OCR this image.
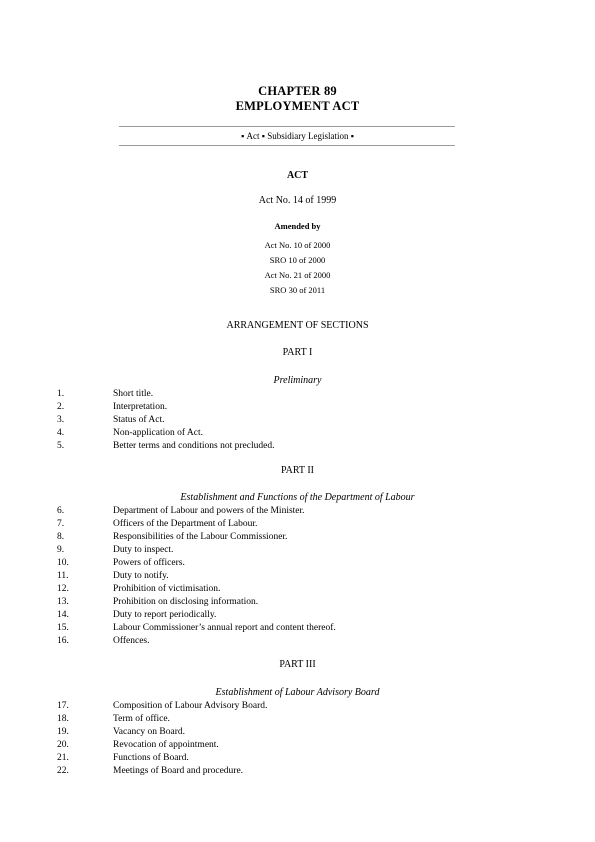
CHAPTER 89
EMPLOYMENT ACT
▪ Act ▪ Subsidiary Legislation ▪
ACT
Act No. 14 of 1999
Amended by
Act No. 10 of 2000
SRO 10 of 2000
Act No. 21 of 2000
SRO 30 of 2011
ARRANGEMENT OF SECTIONS
PART I
Preliminary
1.	Short title.
2.	Interpretation.
3.	Status of Act.
4.	Non-application of Act.
5.	Better terms and conditions not precluded.
PART II
Establishment and Functions of the Department of Labour
6.	Department of Labour and powers of the Minister.
7.	Officers of the Department of Labour.
8.	Responsibilities of the Labour Commissioner.
9.	Duty to inspect.
10.	Powers of officers.
11.	Duty to notify.
12.	Prohibition of victimisation.
13.	Prohibition on disclosing information.
14.	Duty to report periodically.
15.	Labour Commissioner’s annual report and content thereof.
16.	Offences.
PART III
Establishment of Labour Advisory Board
17.	Composition of Labour Advisory Board.
18.	Term of office.
19.	Vacancy on Board.
20.	Revocation of appointment.
21.	Functions of Board.
22.	Meetings of Board and procedure.
